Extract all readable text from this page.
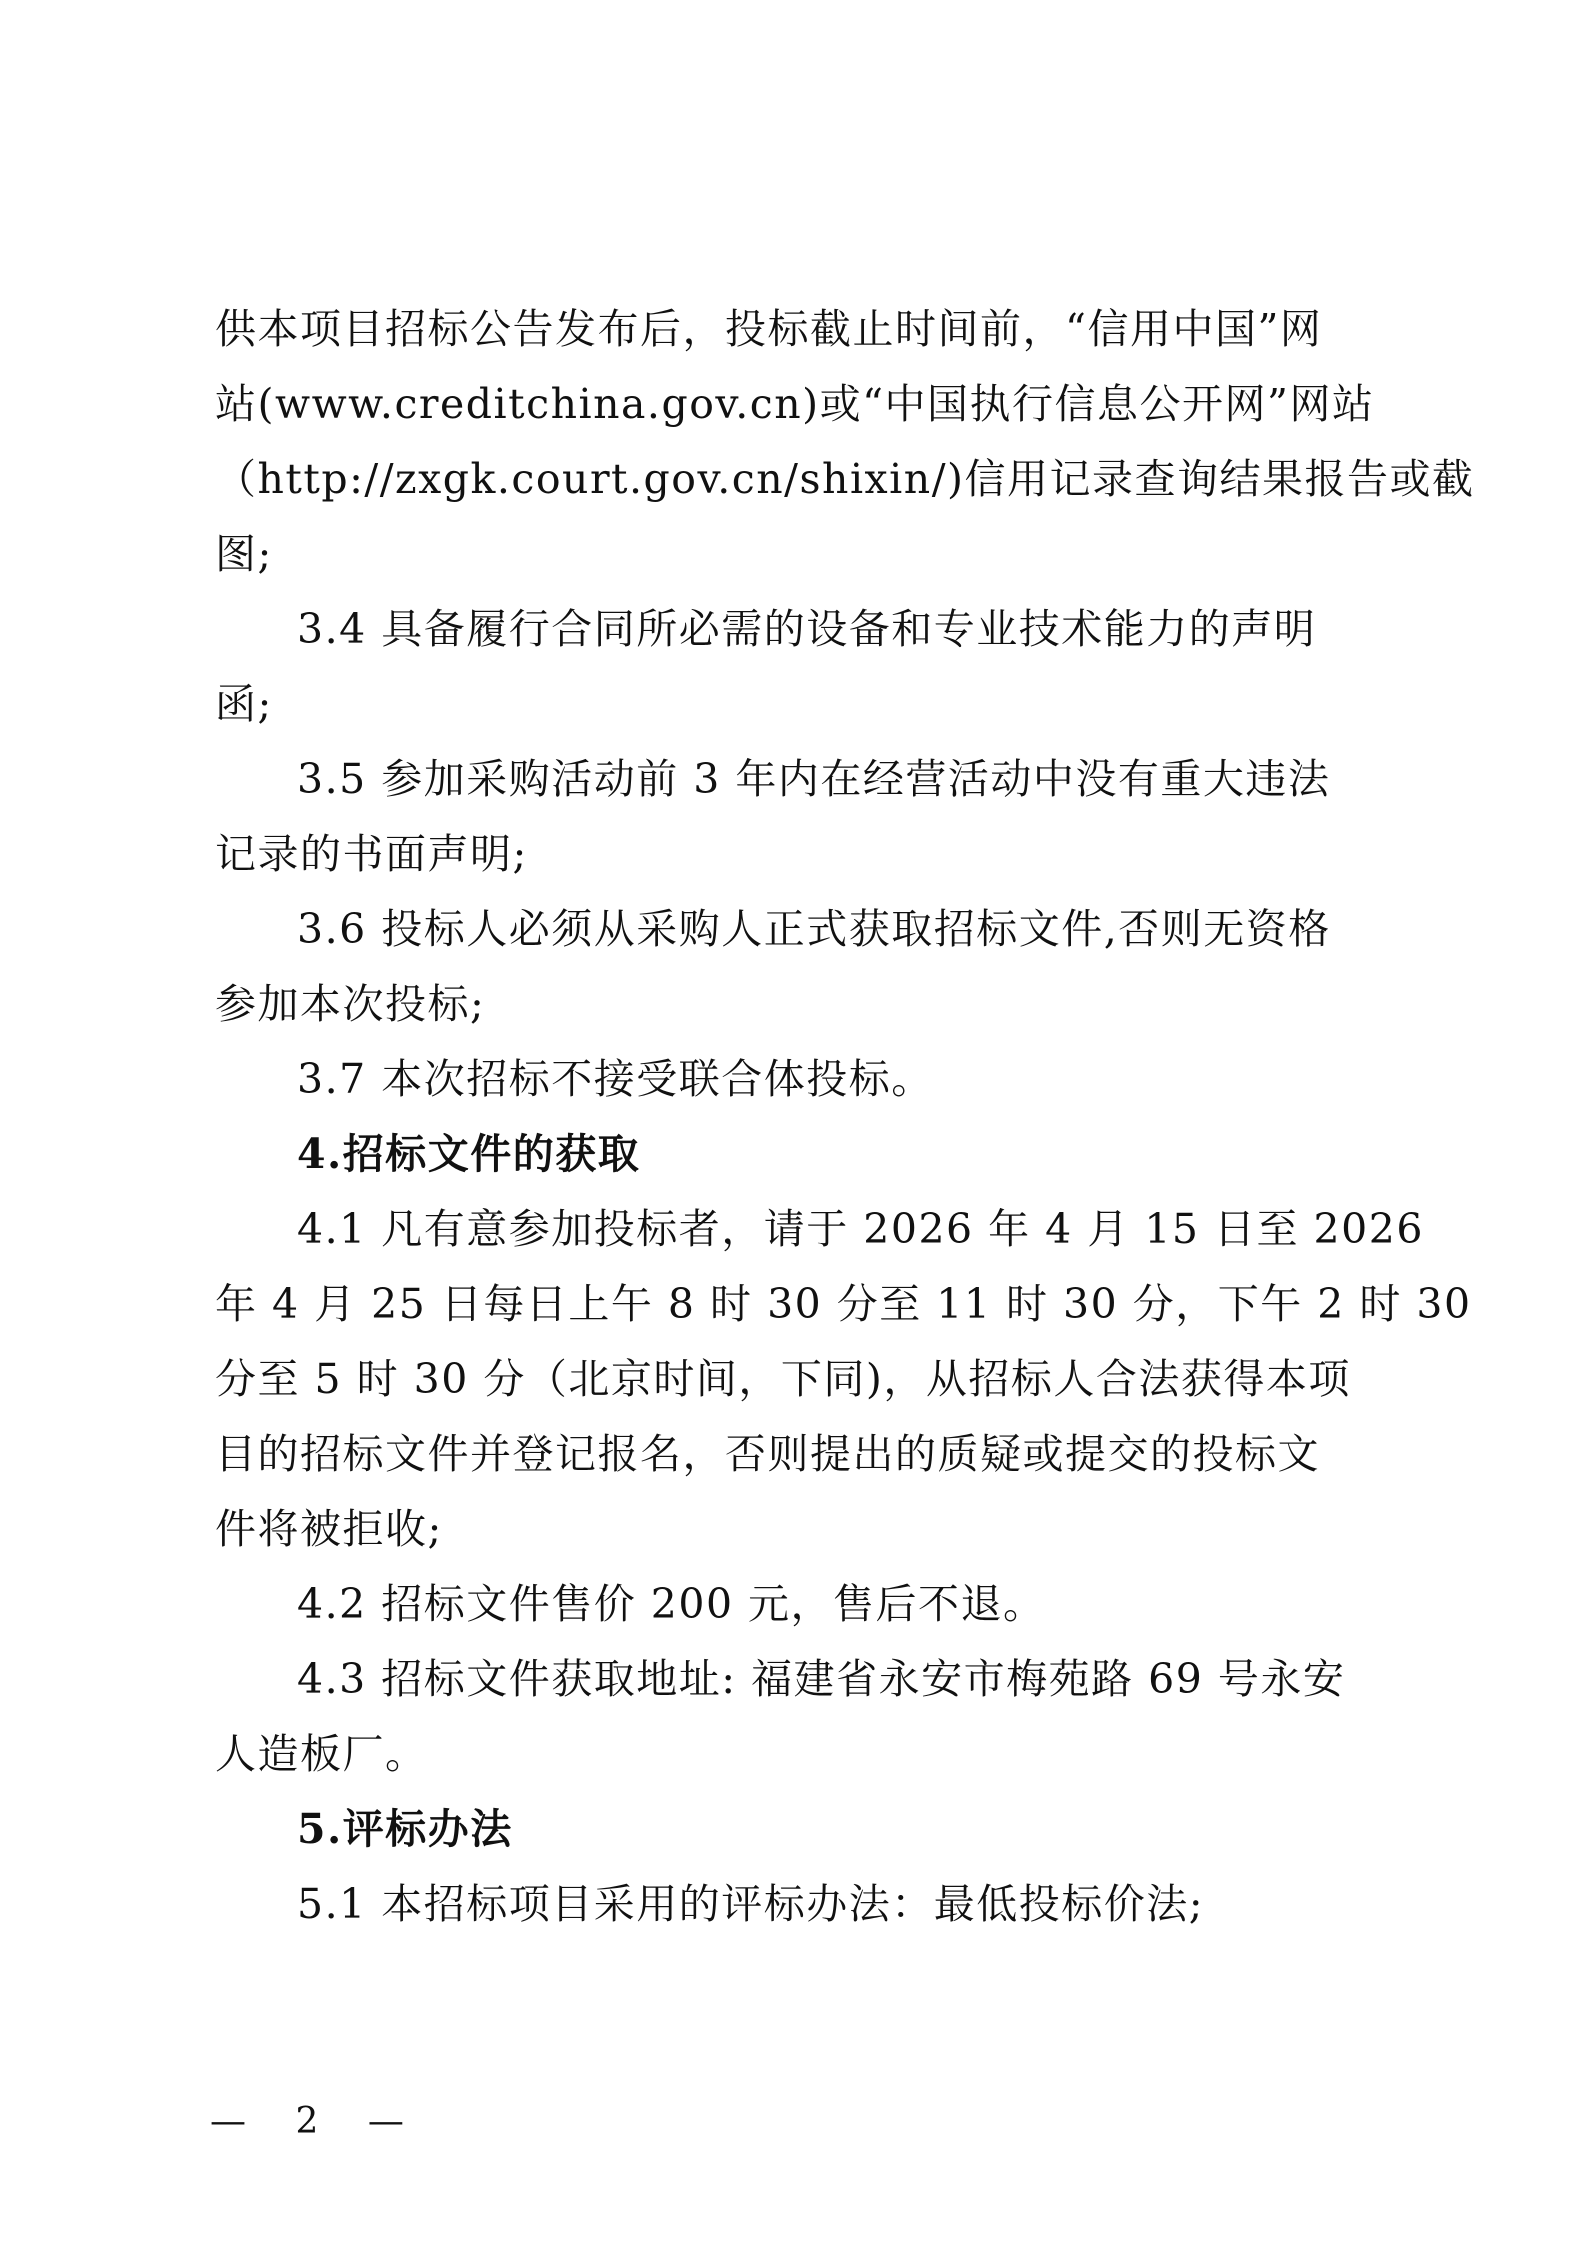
供本项目招标公告发布后，投标截止时间前，“信用中国”网
站(www.creditchina.gov.cn)或“中国执行信息公开网”网站
（http://zxgk.court.gov.cn/shixin/)信用记录查询结果报告或截
图;
3.4 具备履行合同所必需的设备和专业技术能力的声明
函;
3.5 参加采购活动前 3 年内在经营活动中没有重大违法
记录的书面声明;
3.6 投标人必须从采购人正式获取招标文件,否则无资格
参加本次投标;
3.7 本次招标不接受联合体投标。
4.招标文件的获取
4.1 凡有意参加投标者，请于 2026 年 4 月 15 日至 2026
年 4 月 25 日每日上午 8 时 30 分至 11 时 30 分，下午 2 时 30
分至 5 时 30 分（北京时间，下同)，从招标人合法获得本项
目的招标文件并登记报名，否则提出的质疑或提交的投标文
件将被拒收;
4.2 招标文件售价 200 元，售后不退。
4.3 招标文件获取地址: 福建省永安市梅苑路 69 号永安
人造板厂。
5.评标办法
5.1 本招标项目采用的评标办法：最低投标价法;
— 2 —
